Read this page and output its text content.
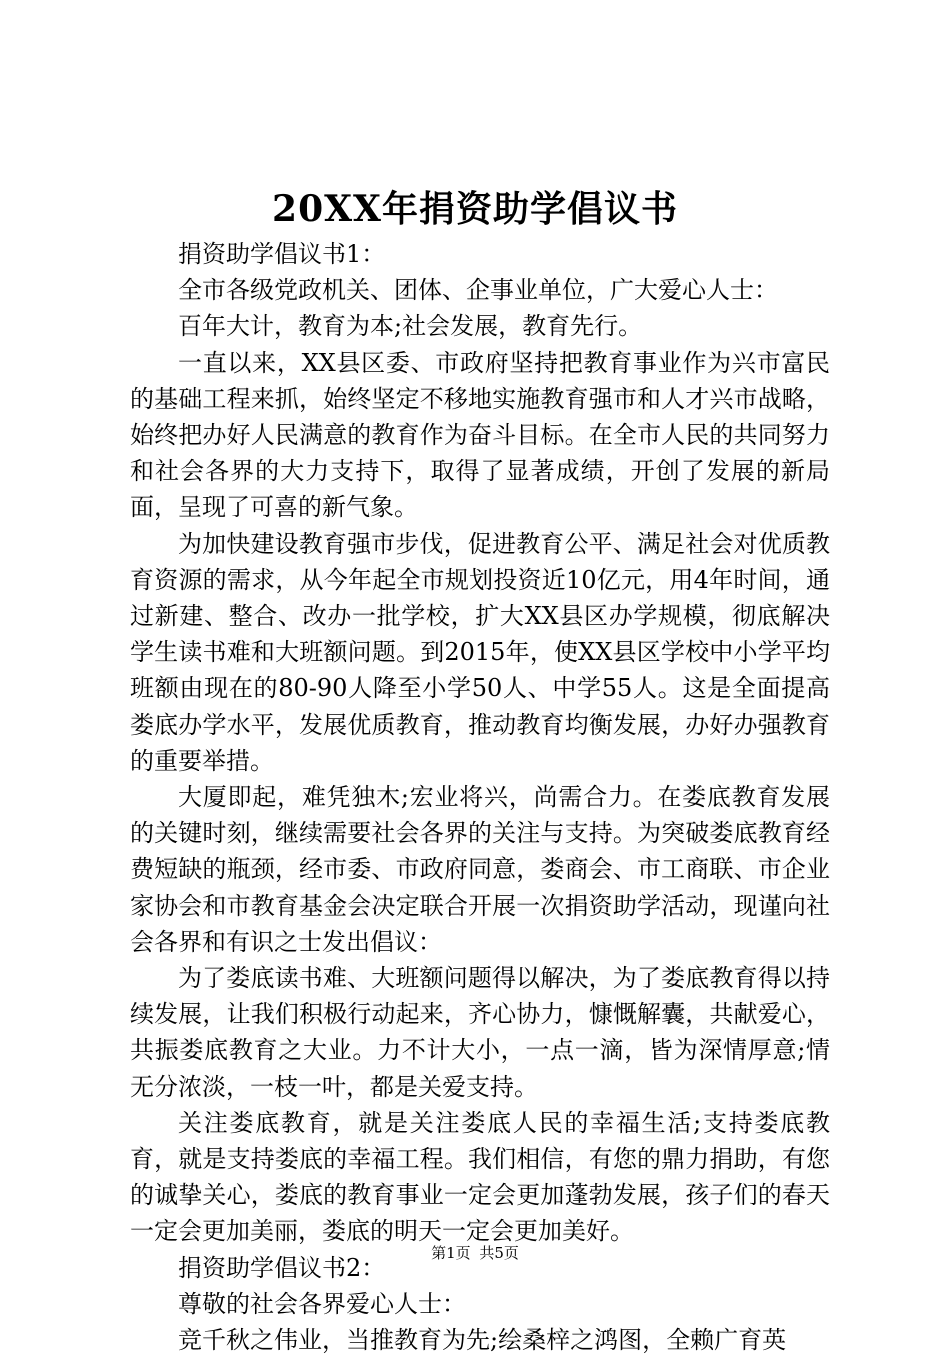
20XX年捐资助学倡议书

捐资助学倡议书1：

全市各级党政机关、团体、企事业单位，广大爱心人士：

百年大计，教育为本;社会发展，教育先行。

一直以来，XX县区委、市政府坚持把教育事业作为兴市富民的基础工程来抓，始终坚定不移地实施教育强市和人才兴市战略，始终把办好人民满意的教育作为奋斗目标。在全市人民的共同努力和社会各界的大力支持下，取得了显著成绩，开创了发展的新局面，呈现了可喜的新气象。

为加快建设教育强市步伐，促进教育公平、满足社会对优质教育资源的需求，从今年起全市规划投资近10亿元，用4年时间，通过新建、整合、改办一批学校，扩大XX县区办学规模，彻底解决学生读书难和大班额问题。到2015年，使XX县区学校中小学平均班额由现在的80-90人降至小学50人、中学55人。这是全面提高娄底办学水平，发展优质教育，推动教育均衡发展，办好办强教育的重要举措。

大厦即起，难凭独木;宏业将兴，尚需合力。在娄底教育发展的关键时刻，继续需要社会各界的关注与支持。为突破娄底教育经费短缺的瓶颈，经市委、市政府同意，娄商会、市工商联、市企业家协会和市教育基金会决定联合开展一次捐资助学活动，现谨向社会各界和有识之士发出倡议：

为了娄底读书难、大班额问题得以解决，为了娄底教育得以持续发展，让我们积极行动起来，齐心协力，慷慨解囊，共献爱心，共振娄底教育之大业。力不计大小，一点一滴，皆为深情厚意;情无分浓淡，一枝一叶，都是关爱支持。

关注娄底教育，就是关注娄底人民的幸福生活;支持娄底教育，就是支持娄底的幸福工程。我们相信，有您的鼎力捐助，有您的诚挚关心，娄底的教育事业一定会更加蓬勃发展，孩子们的春天一定会更加美丽，娄底的明天一定会更加美好。

捐资助学倡议书2：

尊敬的社会各界爱心人士：

竞千秋之伟业，当推教育为先;绘桑梓之鸿图，全赖广育英

第1页 共5页
